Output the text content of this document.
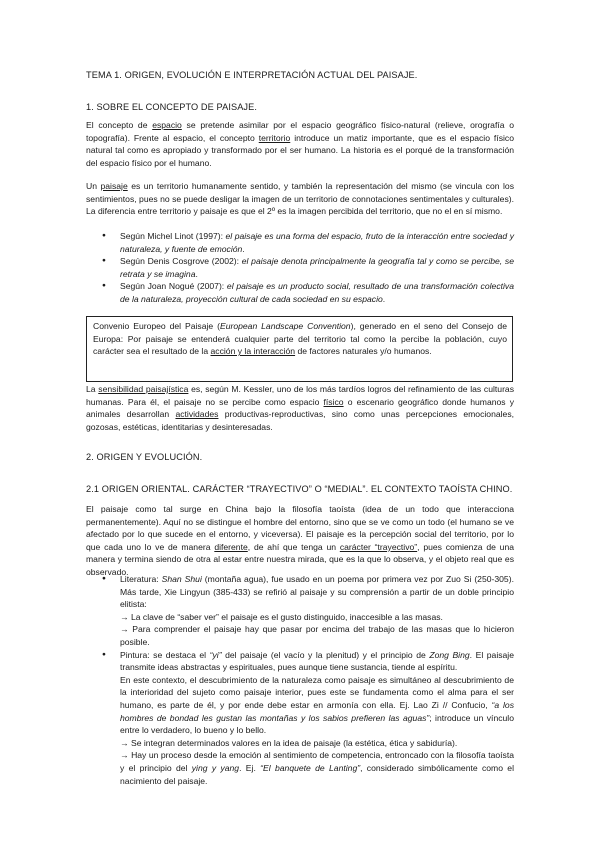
TEMA 1. ORIGEN, EVOLUCIÓN E INTERPRETACIÓN ACTUAL DEL PAISAJE.
1. SOBRE EL CONCEPTO DE PAISAJE.
El concepto de espacio se pretende asimilar por el espacio geográfico físico-natural (relieve, orografía o topografía). Frente al espacio, el concepto territorio introduce un matiz importante, que es el espacio físico natural tal como es apropiado y transformado por el ser humano. La historia es el porqué de la transformación del espacio físico por el humano.
Un paisaje es un territorio humanamente sentido, y también la representación del mismo (se vincula con los sentimientos, pues no se puede desligar la imagen de un territorio de connotaciones sentimentales y culturales). La diferencia entre territorio y paisaje es que el 2º es la imagen percibida del territorio, que no el en sí mismo.
● Según Michel Linot (1997): el paisaje es una forma del espacio, fruto de la interacción entre sociedad y naturaleza, y fuente de emoción.
● Según Denis Cosgrove (2002): el paisaje denota principalmente la geografía tal y como se percibe, se retrata y se imagina.
● Según Joan Nogué (2007): el paisaje es un producto social, resultado de una transformación colectiva de la naturaleza, proyección cultural de cada sociedad en su espacio.
Convenio Europeo del Paisaje (European Landscape Convention), generado en el seno del Consejo de Europa: Por paisaje se entenderá cualquier parte del territorio tal como la percibe la población, cuyo carácter sea el resultado de la acción y la interacción de factores naturales y/o humanos.
La sensibilidad paisajística es, según M. Kessler, uno de los más tardíos logros del refinamiento de las culturas humanas. Para él, el paisaje no se percibe como espacio físico o escenario geográfico donde humanos y animales desarrollan actividades productivas-reproductivas, sino como unas percepciones emocionales, gozosas, estéticas, identitarias y desinteresadas.
2. ORIGEN Y EVOLUCIÓN.
2.1 ORIGEN ORIENTAL. CARÁCTER “TRAYECTIVO” O “MEDIAL”. EL CONTEXTO TAOÍSTA CHINO.
El paisaje como tal surge en China bajo la filosofía taoísta (idea de un todo que interacciona permanentemente). Aquí no se distingue el hombre del entorno, sino que se ve como un todo (el humano se ve afectado por lo que sucede en el entorno, y viceversa). El paisaje es la percepción social del territorio, por lo que cada uno lo ve de manera diferente, de ahí que tenga un carácter “trayectivo”, pues comienza de una manera y termina siendo de otra al estar entre nuestra mirada, que es la que lo observa, y el objeto real que es observado.
● Literatura: Shan Shui (montaña agua), fue usado en un poema por primera vez por Zuo Si (250-305). Más tarde, Xie Lingyun (385-433) se refirió al paisaje y su comprensión a partir de un doble principio elitista:
→ La clave de “saber ver” el paisaje es el gusto distinguido, inaccesible a las masas.
→ Para comprender el paisaje hay que pasar por encima del trabajo de las masas que lo hicieron posible.
● Pintura: se destaca el “yi” del paisaje (el vacío y la plenitud) y el principio de Zong Bing. El paisaje transmite ideas abstractas y espirituales, pues aunque tiene sustancia, tiende al espíritu.
En este contexto, el descubrimiento de la naturaleza como paisaje es simultáneo al descubrimiento de la interioridad del sujeto como paisaje interior, pues este se fundamenta como el alma para el ser humano, es parte de él, y por ende debe estar en armonía con ella. Ej. Lao Zi // Confucio, “a los hombres de bondad les gustan las montañas y los sabios prefieren las aguas”; introduce un vínculo entre lo verdadero, lo bueno y lo bello.
→ Se integran determinados valores en la idea de paisaje (la estética, ética y sabiduría).
→ Hay un proceso desde la emoción al sentimiento de competencia, entroncado con la filosofía taoísta y el principio del ying y yang. Ej. “El banquete de Lanting”, considerado simbólicamente como el nacimiento del paisaje.
